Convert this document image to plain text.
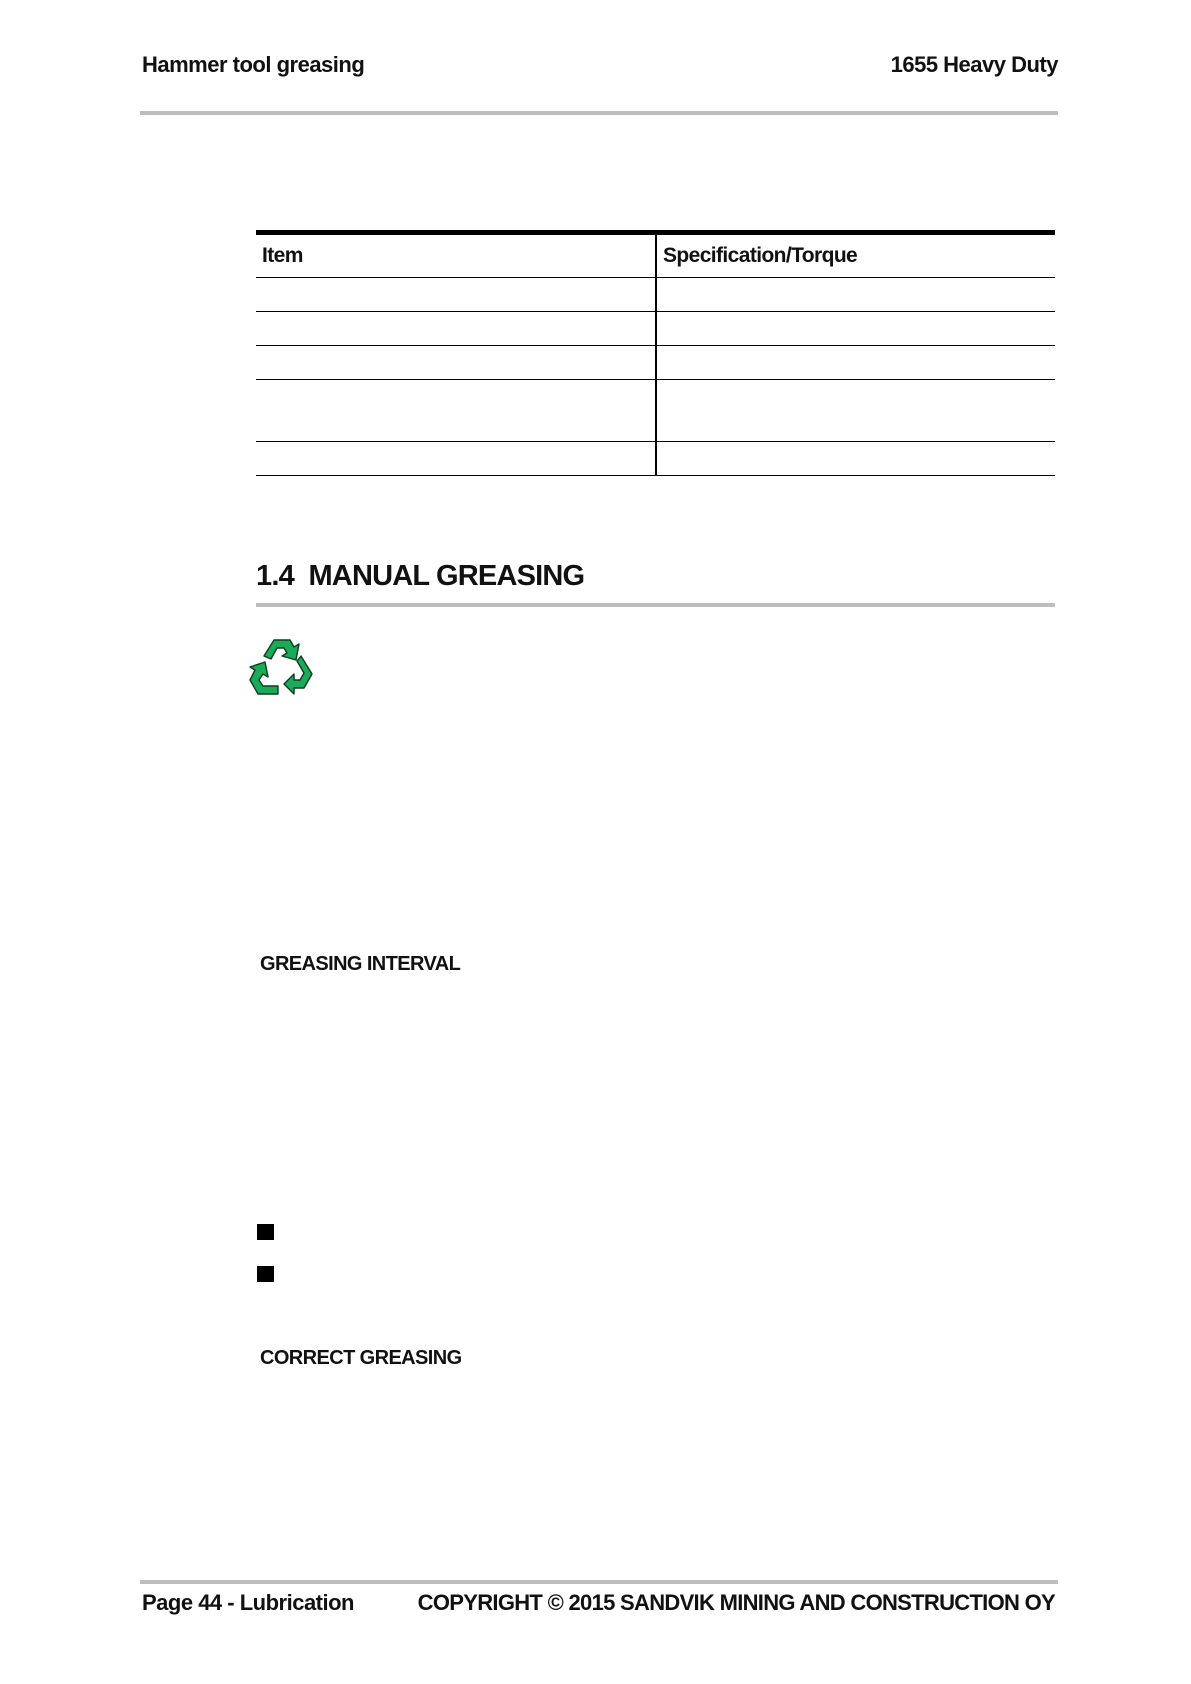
Hammer tool greasing	1655 Heavy Duty
Item	Specification/Torque

1.4 MANUAL GREASING
GREASING INTERVAL
CORRECT GREASING
Page 44 - Lubrication	COPYRIGHT © 2015 SANDVIK MINING AND CONSTRUCTION OY
